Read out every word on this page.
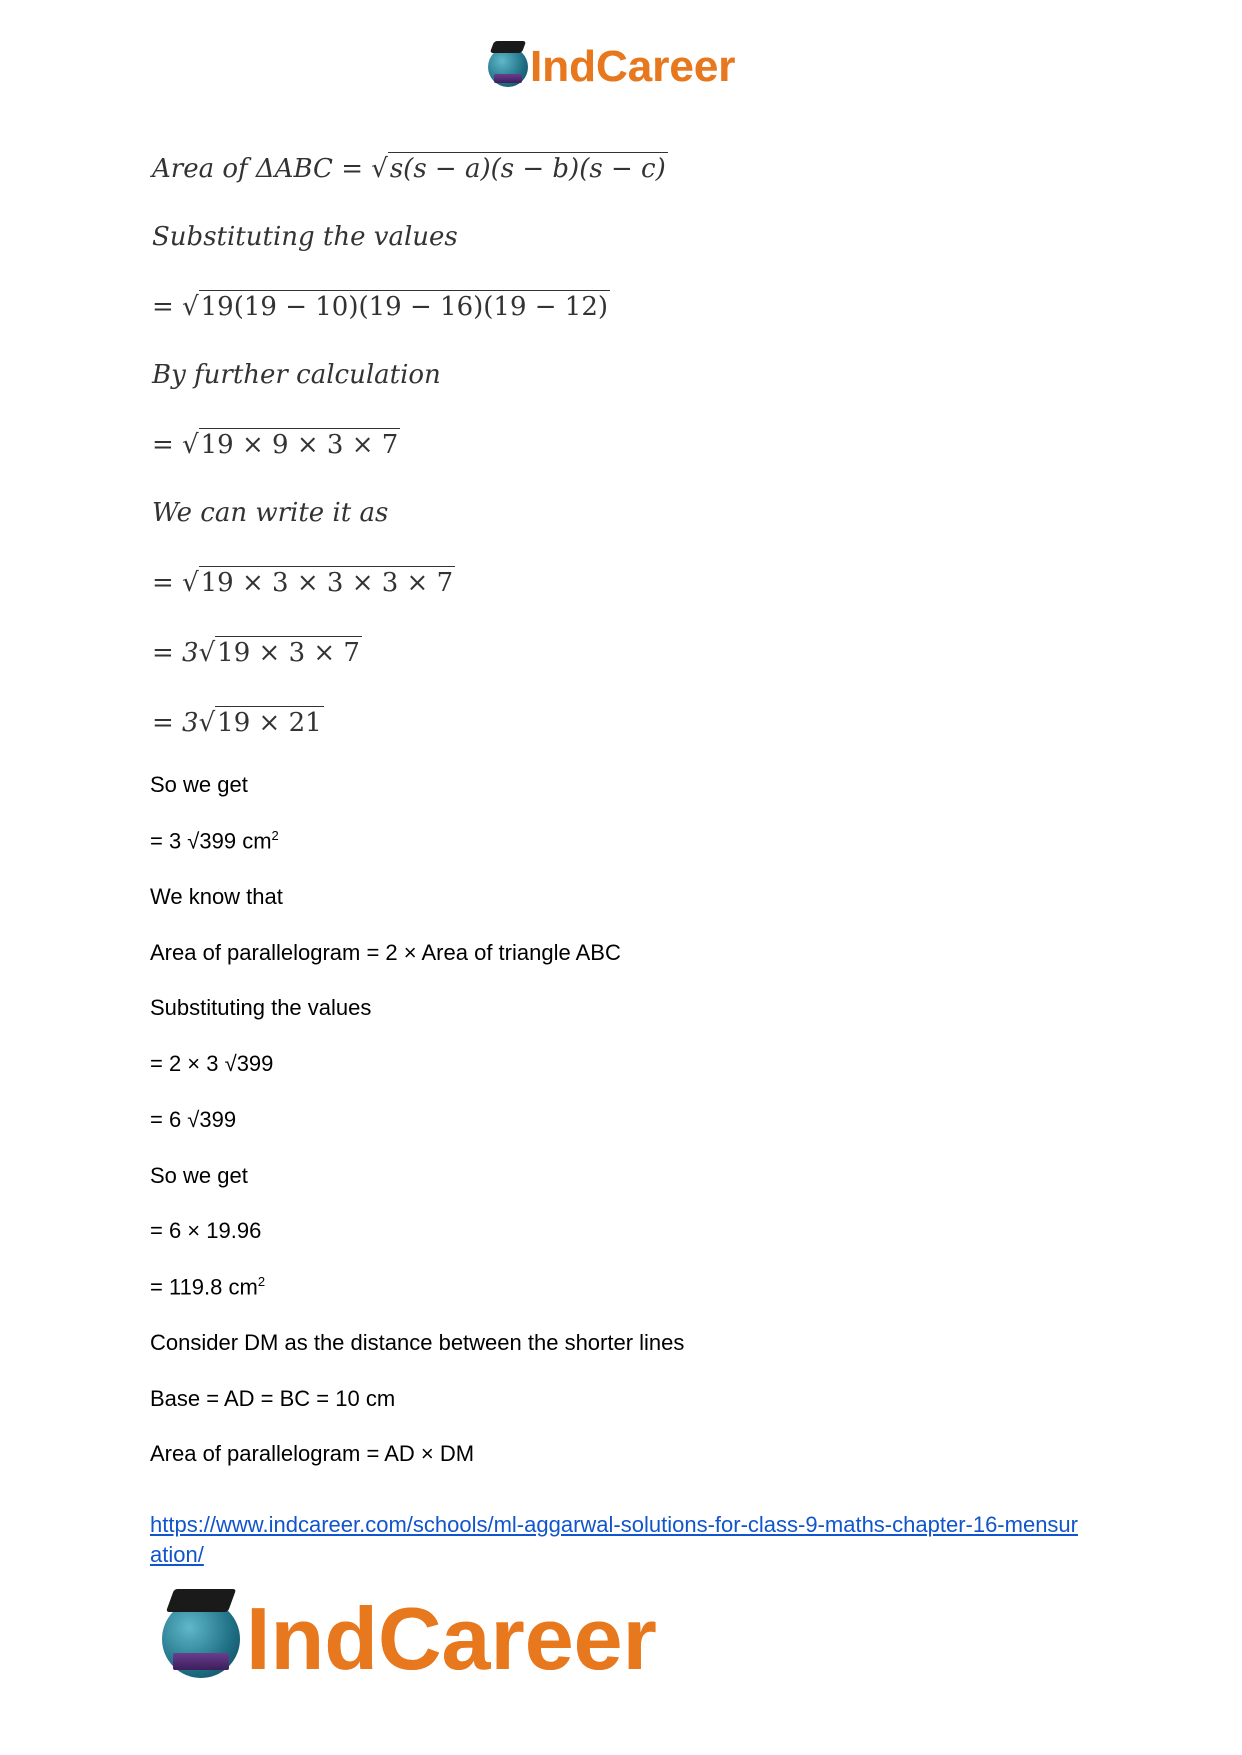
IndCareer
Area of ΔABC = √s(s − a)(s − b)(s − c)
Substituting the values
= √19(19 − 10)(19 − 16)(19 − 12)
By further calculation
= √19 × 9 × 3 × 7
We can write it as
= √19 × 3 × 3 × 3 × 7
= 3√19 × 3 × 7
= 3√19 × 21
So we get
= 3 √399 $cm^2$
We know that
Area of parallelogram = 2 × Area of triangle ABC
Substituting the values
= 2 × 3 √399
= 6 √399
So we get
= 6 × 19.96
= 119.8 $cm^2$
Consider DM as the distance between the shorter lines
Base = AD = BC = 10 cm
Area of parallelogram = AD × DM
https://www.indcareer.com/schools/ml-aggarwal-solutions-for-class-9-maths-chapter-16-mensuration/
IndCareer
